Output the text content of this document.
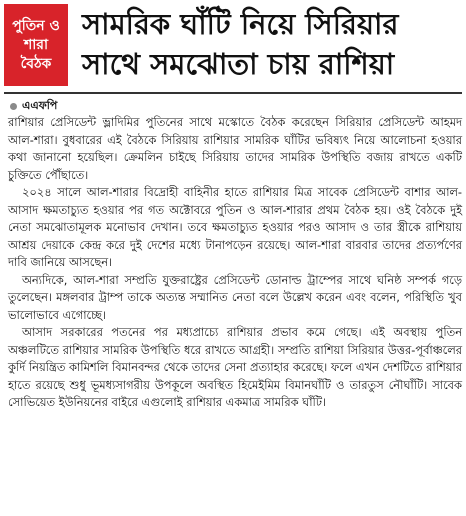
পুতিন ও
শারা
বৈঠক
সামরিক ঘাঁটি নিয়ে সিরিয়ার সাথে সমঝোতা চায় রাশিয়া
এএফপি

রাশিয়ার প্রেসিডেন্ট ভ্লাদিমির পুতিনের সাথে মস্কোতে বৈঠক করেছেন সিরিয়ার প্রেসিডেন্ট আহমদ আল-শারা। বুধবারের এই বৈঠকে সিরিয়ায় রাশিয়ার সামরিক ঘাঁটির ভবিষ্যৎ নিয়ে আলোচনা হওয়ার কথা জানানো হয়েছিল। ক্রেমলিন চাইছে সিরিয়ায় তাদের সামরিক উপস্থিতি বজায় রাখতে একটি চুক্তিতে পৌঁছাতে।

২০২৪ সালে আল-শারার বিদ্রোহী বাহিনীর হাতে রাশিয়ার মিত্র সাবেক প্রেসিডেন্ট বাশার আল-আসাদ ক্ষমতাচ্যুত হওয়ার পর গত অক্টোবরে পুতিন ও আল-শারার প্রথম বৈঠক হয়। ওই বৈঠকে দুই নেতা সমঝোতামূলক মনোভাব দেখান। তবে ক্ষমতাচ্যুত হওয়ার পরও আসাদ ও তার স্ত্রীকে রাশিয়ায় আশ্রয় দেয়াকে কেন্দ্র করে দুই দেশের মধ্যে টানাপড়েন রয়েছে। আল-শারা বারবার তাদের প্রত্যর্পণের দাবি জানিয়ে আসছেন।

অন্যদিকে, আল-শারা সম্প্রতি যুক্তরাষ্ট্রের প্রেসিডেন্ট ডোনাল্ড ট্রাম্পের সাথে ঘনিষ্ঠ সম্পর্ক গড়ে তুলেছেন। মঙ্গলবার ট্রাম্প তাকে অত্যন্ত সম্মানিত নেতা বলে উল্লেখ করেন এবং বলেন, পরিস্থিতি খুব ভালোভাবে এগোচ্ছে।

আসাদ সরকারের পতনের পর মধ্যপ্রাচ্যে রাশিয়ার প্রভাব কমে গেছে। এই অবস্থায় পুতিন অঞ্চলটিতে রাশিয়ার সামরিক উপস্থিতি ধরে রাখতে আগ্রহী। সম্প্রতি রাশিয়া সিরিয়ার উত্তর-পূর্বাঞ্চলের কুর্দি নিয়ন্ত্রিত কামিশলি বিমানবন্দর থেকে তাদের সেনা প্রত্যাহার করেছে। ফলে এখন দেশটিতে রাশিয়ার হাতে রয়েছে শুধু ভূমধ্যসাগরীয় উপকূলে অবস্থিত হিমেইমিম বিমানঘাঁটি ও তারতুস নৌঘাঁটি। সাবেক সোভিয়েত ইউনিয়নের বাইরে এগুলোই রাশিয়ার একমাত্র সামরিক ঘাঁটি।
